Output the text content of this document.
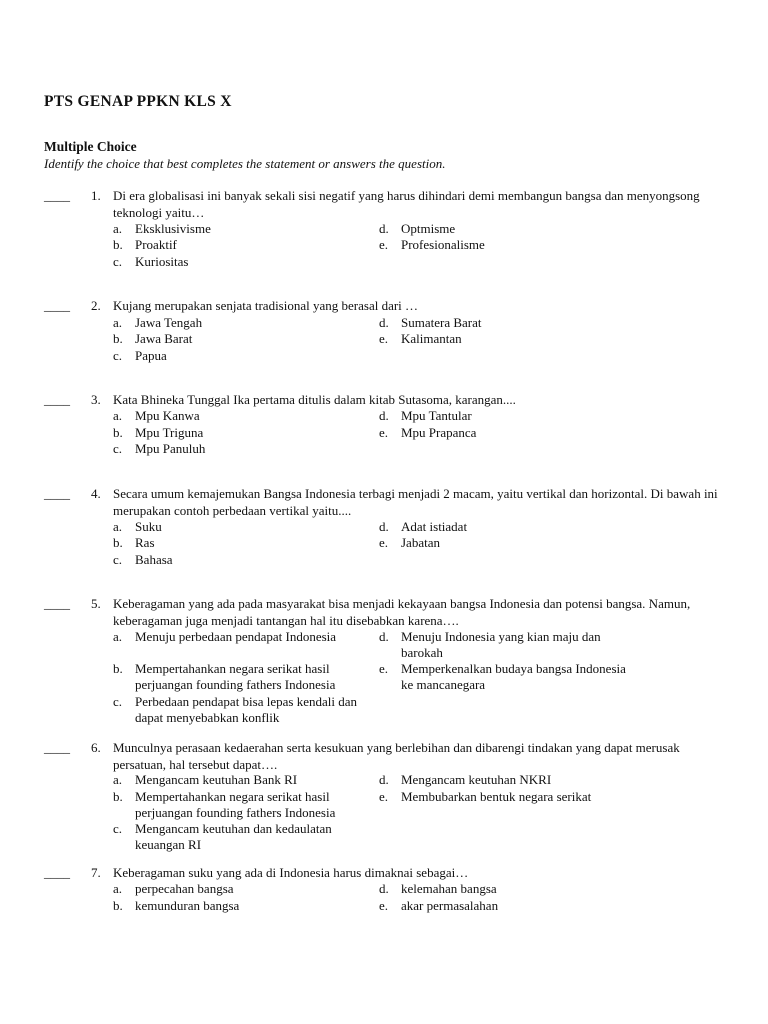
PTS GENAP PPKN KLS X
Multiple Choice
Identify the choice that best completes the statement or answers the question.
____ 1. Di era globalisasi ini banyak sekali sisi negatif yang harus dihindari demi membangun bangsa dan menyongsong teknologi yaitu…
a. Eksklusivisme
b. Proaktif
c. Kuriositas
d. Optmisme
e. Profesionalisme
____ 2. Kujang merupakan senjata tradisional yang berasal dari …
a. Jawa Tengah
b. Jawa Barat
c. Papua
d. Sumatera Barat
e. Kalimantan
____ 3. Kata Bhineka Tunggal Ika pertama ditulis dalam kitab Sutasoma, karangan....
a. Mpu Kanwa
b. Mpu Triguna
c. Mpu Panuluh
d. Mpu Tantular
e. Mpu Prapanca
____ 4. Secara umum kemajemukan Bangsa Indonesia terbagi menjadi 2 macam, yaitu vertikal dan horizontal. Di bawah ini merupakan contoh perbedaan vertikal yaitu....
a. Suku
b. Ras
c. Bahasa
d. Adat istiadat
e. Jabatan
____ 5. Keberagaman yang ada pada masyarakat bisa menjadi kekayaan bangsa Indonesia dan potensi bangsa. Namun, keberagaman juga menjadi tantangan hal itu disebabkan karena….
a. Menuju perbedaan pendapat Indonesia
b. Mempertahankan negara serikat hasil perjuangan founding fathers Indonesia
c. Perbedaan pendapat bisa lepas kendali dan dapat menyebabkan konflik
d. Menuju Indonesia yang kian maju dan barokah
e. Memperkenalkan budaya bangsa Indonesia ke mancanegara
____ 6. Munculnya perasaan kedaerahan serta kesukuan yang berlebihan dan dibarengi tindakan yang dapat merusak persatuan, hal tersebut dapat….
a. Mengancam keutuhan Bank RI
b. Mempertahankan negara serikat hasil perjuangan founding fathers Indonesia
c. Mengancam keutuhan dan kedaulatan keuangan RI
d. Mengancam keutuhan NKRI
e. Membubarkan bentuk negara serikat
____ 7. Keberagaman suku yang ada di Indonesia harus dimaknai sebagai…
a. perpecahan bangsa
b. kemunduran bangsa
d. kelemahan bangsa
e. akar permasalahan
